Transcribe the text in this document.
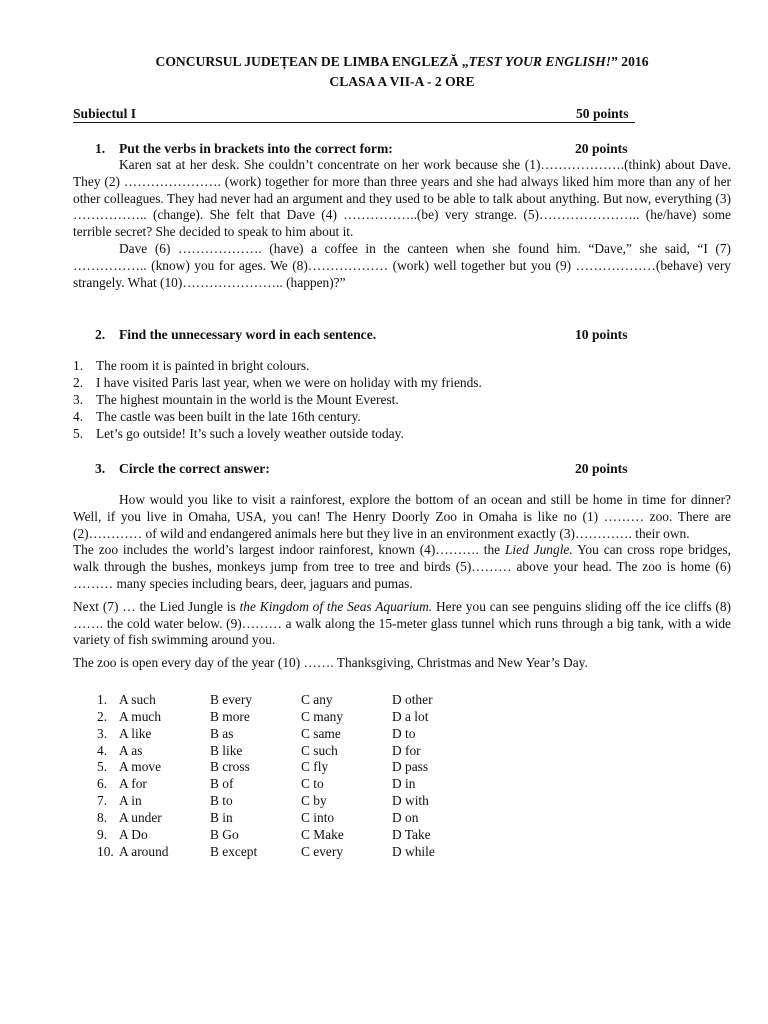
CONCURSUL JUDEȚEAN DE LIMBA ENGLEZĂ „TEST YOUR ENGLISH!” 2016
CLASA A VII-A - 2 ORE
Subiectul I	50 points
1. Put the verbs in brackets into the correct form:	20 points

Karen sat at her desk. She couldn’t concentrate on her work because she (1)……………….(think) about Dave. They (2) …………………. (work) together for more than three years and she had always liked him more than any of her other colleagues. They had never had an argument and they used to be able to talk about anything. But now, everything (3) …………….. (change). She felt that Dave (4) ……………..(be) very strange. (5)………………….. (he/have) some terrible secret? She decided to speak to him about it.

Dave (6) ………………. (have) a coffee in the canteen when she found him. “Dave,” she said, “I (7) …………….. (know) you for ages. We (8)……………… (work) well together but you (9) ………………(behave) very strangely. What (10)………………….. (happen)?”

2. Find the unnecessary word in each sentence.	10 points
1. The room it is painted in bright colours.
2. I have visited Paris last year, when we were on holiday with my friends.
3. The highest mountain in the world is the Mount Everest.
4. The castle was been built in the late 16th century.
5. Let’s go outside! It’s such a lovely weather outside today.
3. Circle the correct answer:	20 points

How would you like to visit a rainforest, explore the bottom of an ocean and still be home in time for dinner? Well, if you live in Omaha, USA, you can! The Henry Doorly Zoo in Omaha is like no (1) ……… zoo. There are (2)………… of wild and endangered animals here but they live in an environment exactly (3)…………. their own.

The zoo includes the world’s largest indoor rainforest, known (4)………. the Lied Jungle. You can cross rope bridges, walk through the bushes, monkeys jump from tree to tree and birds (5)……… above your head. The zoo is home (6) ……… many species including bears, deer, jaguars and pumas.

Next (7) … the Lied Jungle is the Kingdom of the Seas Aquarium. Here you can see penguins sliding off the ice cliffs (8) ……. the cold water below. (9)……… a walk along the 15-meter glass tunnel which runs through a big tank, with a wide variety of fish swimming around you.

The zoo is open every day of the year (10) ……. Thanksgiving, Christmas and New Year’s Day.

1.	A such	B every	C any	D other
2.	A much	B more	C many	D a lot
3.	A like	B as	C same	D to
4.	A as	B like	C such	D for
5.	A move	B cross	C fly	D pass
6.	A for	B of	C to	D in
7.	A in	B to	C by	D with
8.	A under	B in	C into	D on
9.	A Do	B Go	C Make	D Take
10.	A around	B except	C every	D while
